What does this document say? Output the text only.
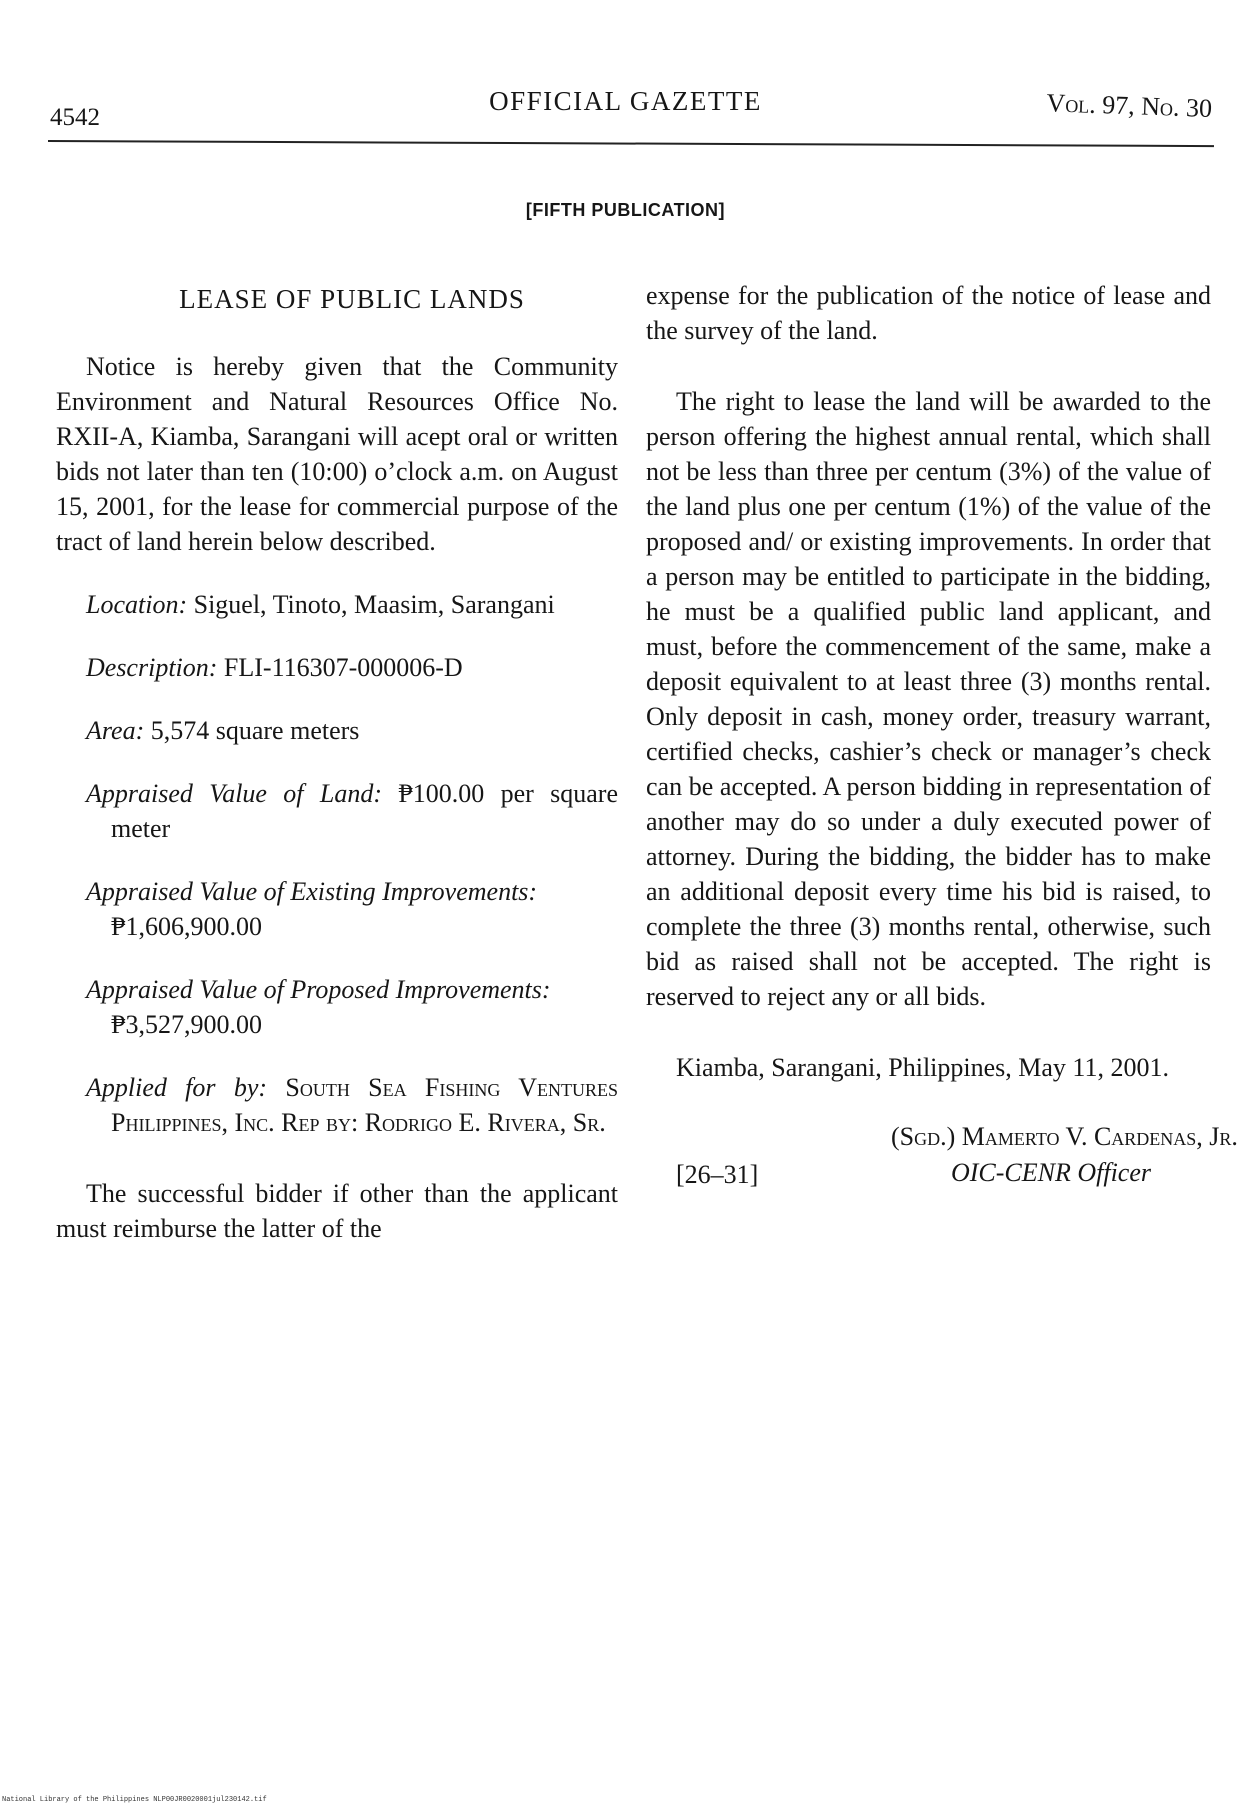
4542
OFFICIAL GAZETTE	Vol. 97, No. 30
[FIFTH PUBLICATION]
LEASE OF PUBLIC LANDS

Notice is hereby given that the Community Environment and Natural Resources Office No. RXII-A, Kiamba, Sarangani will acept oral or written bids not later than ten (10:00) o’clock a.m. on August 15, 2001, for the lease for commercial purpose of the tract of land herein below described.

Location: Siguel, Tinoto, Maasim, Sarangani
Description: FLI-116307-000006-D
Area: 5,574 square meters
Appraised Value of Land: ₱100.00 per square meter
Appraised Value of Existing Improvements: ₱1,606,900.00
Appraised Value of Proposed Improvements: ₱3,527,900.00
Applied for by: South Sea Fishing Ventures Philippines, Inc. Rep by: Rodrigo E. Rivera, Sr.

The successful bidder if other than the applicant must reimburse the latter of the

expense for the publication of the notice of lease and the survey of the land.

The right to lease the land will be awarded to the person offering the highest annual rental, which shall not be less than three per centum (3%) of the value of the land plus one per centum (1%) of the value of the proposed and/ or existing improvements. In order that a person may be entitled to participate in the bidding, he must be a qualified public land applicant, and must, before the commencement of the same, make a deposit equivalent to at least three (3) months rental. Only deposit in cash, money order, treasury warrant, certified checks, cashier’s check or manager’s check can be accepted. A person bidding in representation of another may do so under a duly executed power of attorney. During the bidding, the bidder has to make an additional deposit every time his bid is raised, to complete the three (3) months rental, otherwise, such bid as raised shall not be accepted. The right is reserved to reject any or all bids.

Kiamba, Sarangani, Philippines, May 11, 2001.

(Sgd.) Mamerto V. Cardenas, Jr.
[26–31]	OIC-CENR Officer
National Library of the Philippines NLP00JR0020001jul230142.tif
